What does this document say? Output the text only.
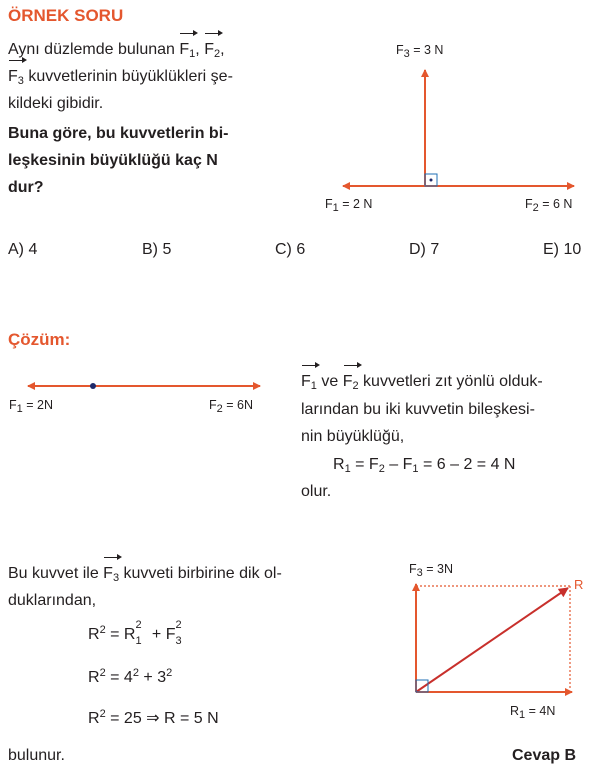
ÖRNEK SORU
Aynı düzlemde bulunan $F_1$, $F_2$,
$F_3$ kuvvetlerinin büyüklükleri şe-
kildeki gibidir.
Buna göre, bu kuvvetlerin bi-
leşkesinin büyüklüğü kaç N
dur?
$F_3 = 3$ N
$F_1 = 2$ N	$F_2 = 6$ N
A) 4	B) 5	C) 6	D) 7	E) 10
Çözüm:
$F_1 = 2N$	$F_2 = 6N$
$F_1$ ve $F_2$ kuvvetleri zıt yönlü olduk-
larından bu iki kuvvetin bileşkesi-
nin büyüklüğü,
$R_1 = F_2 - F_1 = 6 - 2 = 4$ N
olur.
Bu kuvvet ile $F_3$ kuvveti birbirine dik ol-
duklarından,
$R^2 = R$
2
1 + F
2
3
$R^2 = 4^2 + 3^2$
$R^2 = 25$ ⇒ R = 5 N
$F_3 = 3N$
R
$R_1 = 4N$
bulunur.	Cevap B
